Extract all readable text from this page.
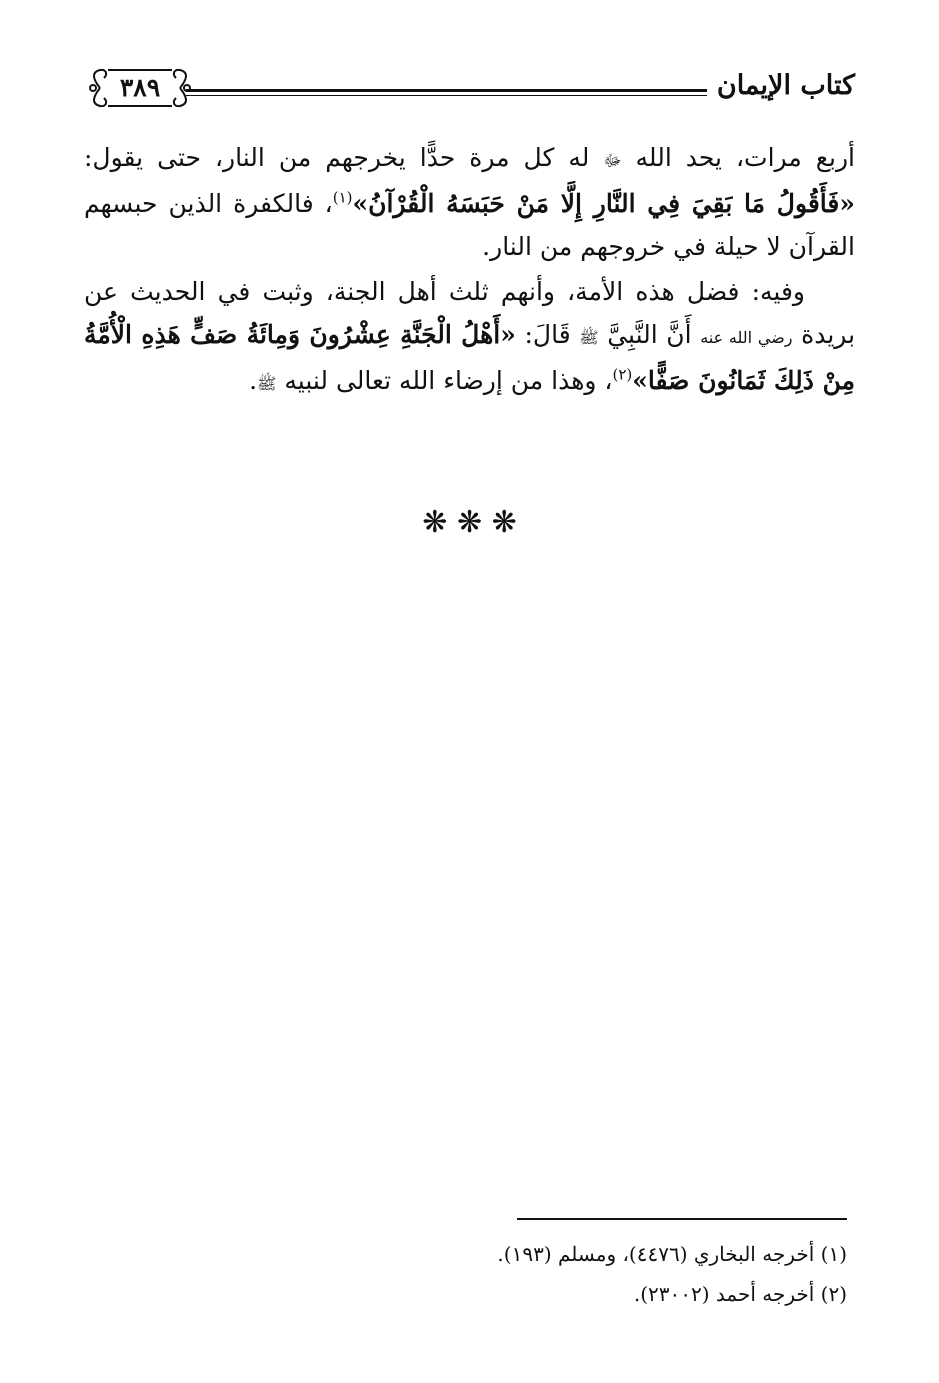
كتاب الإيمان
٣٨٩

أربع مرات، يحد الله ﷻ له كل مرة حدًّا يخرجهم من النار، حتى يقول: «فَأَقُولُ مَا بَقِيَ فِي النَّارِ إِلَّا مَنْ حَبَسَهُ الْقُرْآنُ»$^{(١)}$، فالكفرة الذين حبسهم القرآن لا حيلة في خروجهم من النار.

وفيه: فضل هذه الأمة، وأنهم ثلث أهل الجنة، وثبت في الحديث عن بريدة رضي الله عنه أَنَّ النَّبِيَّ ﷺ قَالَ: «أَهْلُ الْجَنَّةِ عِشْرُونَ وَمِائَةُ صَفٍّ هَذِهِ الْأُمَّةُ مِنْ ذَلِكَ ثَمَانُونَ صَفًّا»$^{(٢)}$، وهذا من إرضاء الله تعالى لنبيه ﷺ.

❋ ❋ ❋
(١) أخرجه البخاري (٤٤٧٦)، ومسلم (١٩٣).
(٢) أخرجه أحمد (٢٣٠٠٢).
